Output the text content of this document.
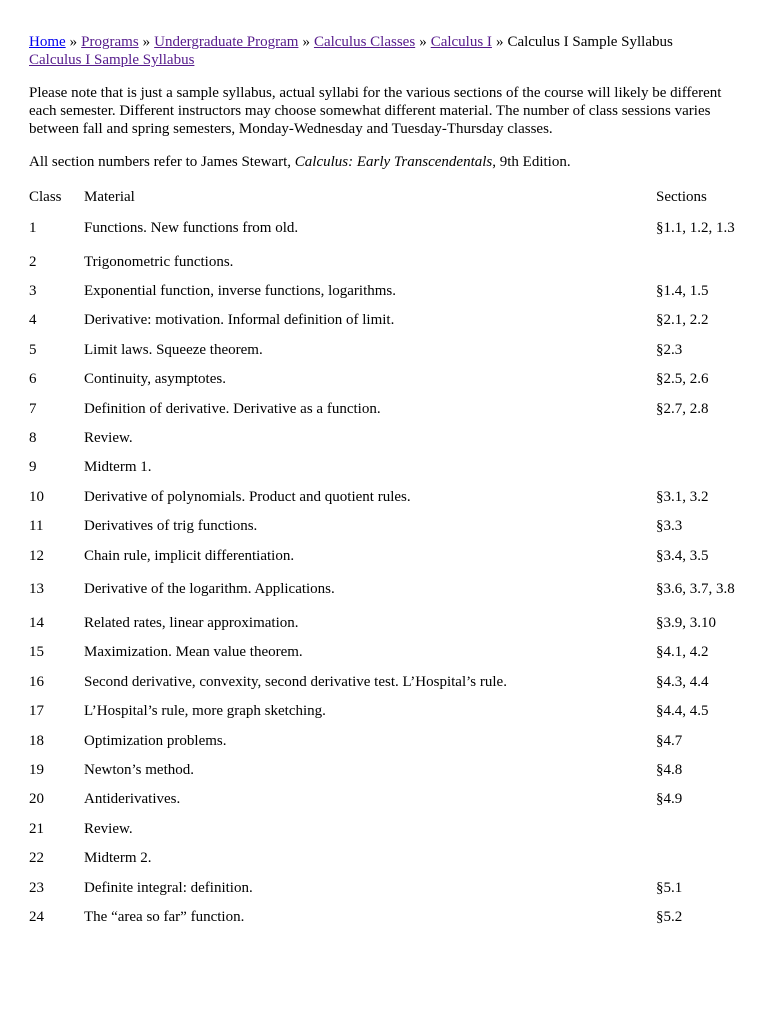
Home » Programs » Undergraduate Program » Calculus Classes » Calculus I » Calculus I Sample Syllabus
Calculus I Sample Syllabus

Please note that is just a sample syllabus, actual syllabi for the various sections of the course will likely be different each semester. Different instructors may choose somewhat different material. The number of class sessions varies between fall and spring semesters, Monday-Wednesday and Tuesday-Thursday classes.

All section numbers refer to James Stewart, Calculus: Early Transcendentals, 9th Edition.

Class	Material	Sections
1	Functions. New functions from old.	§1.1, 1.2, 1.3
2	Trigonometric functions.	
3	Exponential function, inverse functions, logarithms.	§1.4, 1.5
4	Derivative: motivation. Informal definition of limit.	§2.1, 2.2
5	Limit laws. Squeeze theorem.	§2.3
6	Continuity, asymptotes.	§2.5, 2.6
7	Definition of derivative. Derivative as a function.	§2.7, 2.8
8	Review.	
9	Midterm 1.	
10	Derivative of polynomials. Product and quotient rules.	§3.1, 3.2
11	Derivatives of trig functions.	§3.3
12	Chain rule, implicit differentiation.	§3.4, 3.5
13	Derivative of the logarithm. Applications.	§3.6, 3.7, 3.8
14	Related rates, linear approximation.	§3.9, 3.10
15	Maximization. Mean value theorem.	§4.1, 4.2
16	Second derivative, convexity, second derivative test. L’Hospital’s rule.	§4.3, 4.4
17	L’Hospital’s rule, more graph sketching.	§4.4, 4.5
18	Optimization problems.	§4.7
19	Newton’s method.	§4.8
20	Antiderivatives.	§4.9
21	Review.	
22	Midterm 2.	
23	Definite integral: definition.	§5.1
24	The “area so far” function.	§5.2
